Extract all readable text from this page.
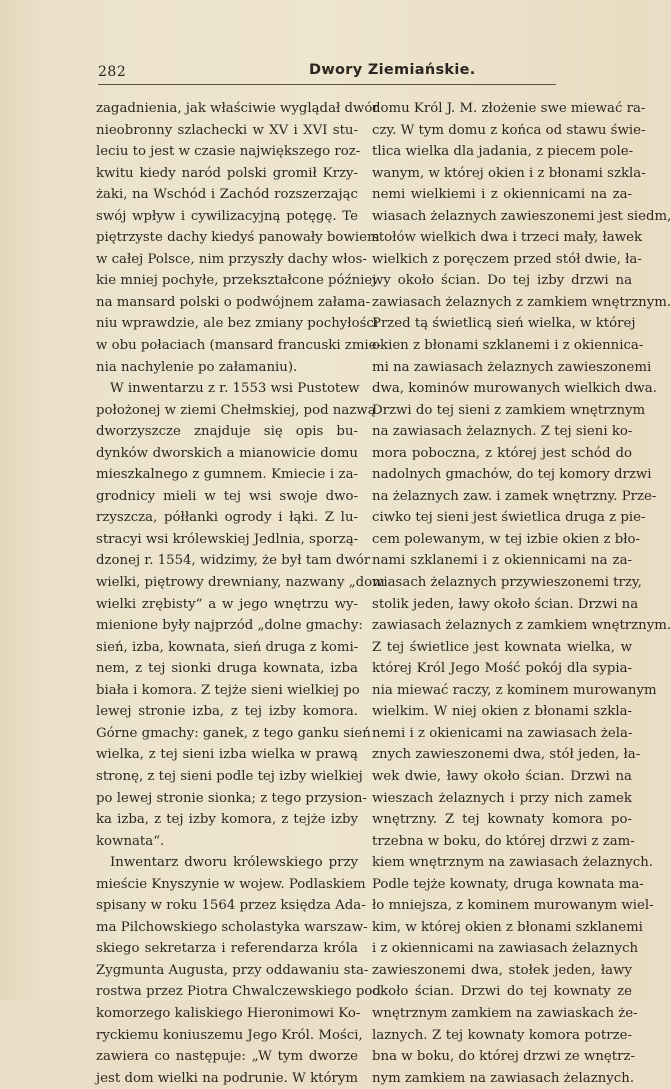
282	Dwory Ziemiańskie.
zagadnienia, jak właściwie wyglądał dwór
nieobronny szlachecki w XV i XVI stu-
leciu to jest w czasie największego roz-
kwitu kiedy naród polski gromił Krzy-
żaki, na Wschód i Zachód rozszerzając
swój wpływ i cywilizacyjną potęgę. Te
piętrzyste dachy kiedyś panowały bowiem
w całej Polsce, nim przyszły dachy włos-
kie mniej pochyłe, przekształcone później
na mansard polski o podwójnem załama-
niu wprawdzie, ale bez zmiany pochyłości
w obu połaciach (mansard francuski zmie-
nia nachylenie po załamaniu).
W inwentarzu z r. 1553 wsi Pustotew
położonej w ziemi Chełmskiej, pod nazwą
dworzyszcze znajduje się opis bu-
dynków dworskich a mianowicie domu
mieszkalnego z gumnem. Kmiecie i za-
grodnicy mieli w tej wsi swoje dwo-
rzyszcza, półłanki ogrody i łąki. Z lu-
stracyi wsi królewskiej Jedlnia, sporzą-
dzonej r. 1554, widzimy, że był tam dwór
wielki, piętrowy drewniany, nazwany „dom
wielki zrębisty“ a w jego wnętrzu wy-
mienione były najprzód „dolne gmachy:
sień, izba, kownata, sień druga z komi-
nem, z tej sionki druga kownata, izba
biała i komora. Z tejże sieni wielkiej po
lewej stronie izba, z tej izby komora.
Górne gmachy: ganek, z tego ganku sień
wielka, z tej sieni izba wielka w prawą
stronę, z tej sieni podle tej izby wielkiej
po lewej stronie sionka; z tego przysion-
ka izba, z tej izby komora, z tejże izby
kownata“.
Inwentarz dworu królewskiego przy
mieście Knyszynie w wojew. Podlaskiem
spisany w roku 1564 przez księdza Ada-
ma Pilchowskiego scholastyka warszaw-
skiego sekretarza i referendarza króla
Zygmunta Augusta, przy oddawaniu sta-
rostwa przez Piotra Chwalczewskiego pod-
komorzego kaliskiego Hieronimowi Ko-
ryckiemu koniuszemu Jego Król. Mości,
zawiera co następuje: „W tym dworze
jest dom wielki na podrunie. W którym
domu Król J. M. złożenie swe miewać ra-
czy. W tym domu z końca od stawu świe-
tlica wielka dla jadania, z piecem pole-
wanym, w której okien i z błonami szkla-
nemi wielkiemi i z okiennicami na za-
wiasach żelaznych zawieszonemi jest siedm,
stołów wielkich dwa i trzeci mały, ławek
wielkich z poręczem przed stół dwie, ła-
wy około ścian. Do tej izby drzwi na
zawiasach żelaznych z zamkiem wnętrznym.
Przed tą świetlicą sień wielka, w której
okien z błonami szklanemi i z okiennica-
mi na zawiasach żelaznych zawieszonemi
dwa, kominów murowanych wielkich dwa.
Drzwi do tej sieni z zamkiem wnętrznym
na zawiasach żelaznych. Z tej sieni ko-
mora poboczna, z której jest schód do
nadolnych gmachów, do tej komory drzwi
na żelaznych zaw. i zamek wnętrzny. Prze-
ciwko tej sieni jest świetlica druga z pie-
cem polewanym, w tej izbie okien z bło-
nami szklanemi i z okiennicami na za-
wiasach żelaznych przywieszonemi trzy,
stolik jeden, ławy około ścian. Drzwi na
zawiasach żelaznych z zamkiem wnętrznym.
Z tej świetlice jest kownata wielka, w
której Król Jego Mość pokój dla sypia-
nia miewać raczy, z kominem murowanym
wielkim. W niej okien z błonami szkla-
nemi i z okienicami na zawiasach żela-
znych zawieszonemi dwa, stół jeden, ła-
wek dwie, ławy około ścian. Drzwi na
wieszach żelaznych i przy nich zamek
wnętrzny. Z tej kownaty komora po-
trzebna w boku, do której drzwi z zam-
kiem wnętrznym na zawiasach żelaznych.
Podle tejże kownaty, druga kownata ma-
ło mniejsza, z kominem murowanym wiel-
kim, w której okien z błonami szklanemi
i z okiennicami na zawiasach żelaznych
zawieszonemi dwa, stołek jeden, ławy
około ścian. Drzwi do tej kownaty ze
wnętrznym zamkiem na zawiaskach że-
laznych. Z tej kownaty komora potrze-
bna w boku, do której drzwi ze wnętrz-
nym zamkiem na zawiasach żelaznych.
